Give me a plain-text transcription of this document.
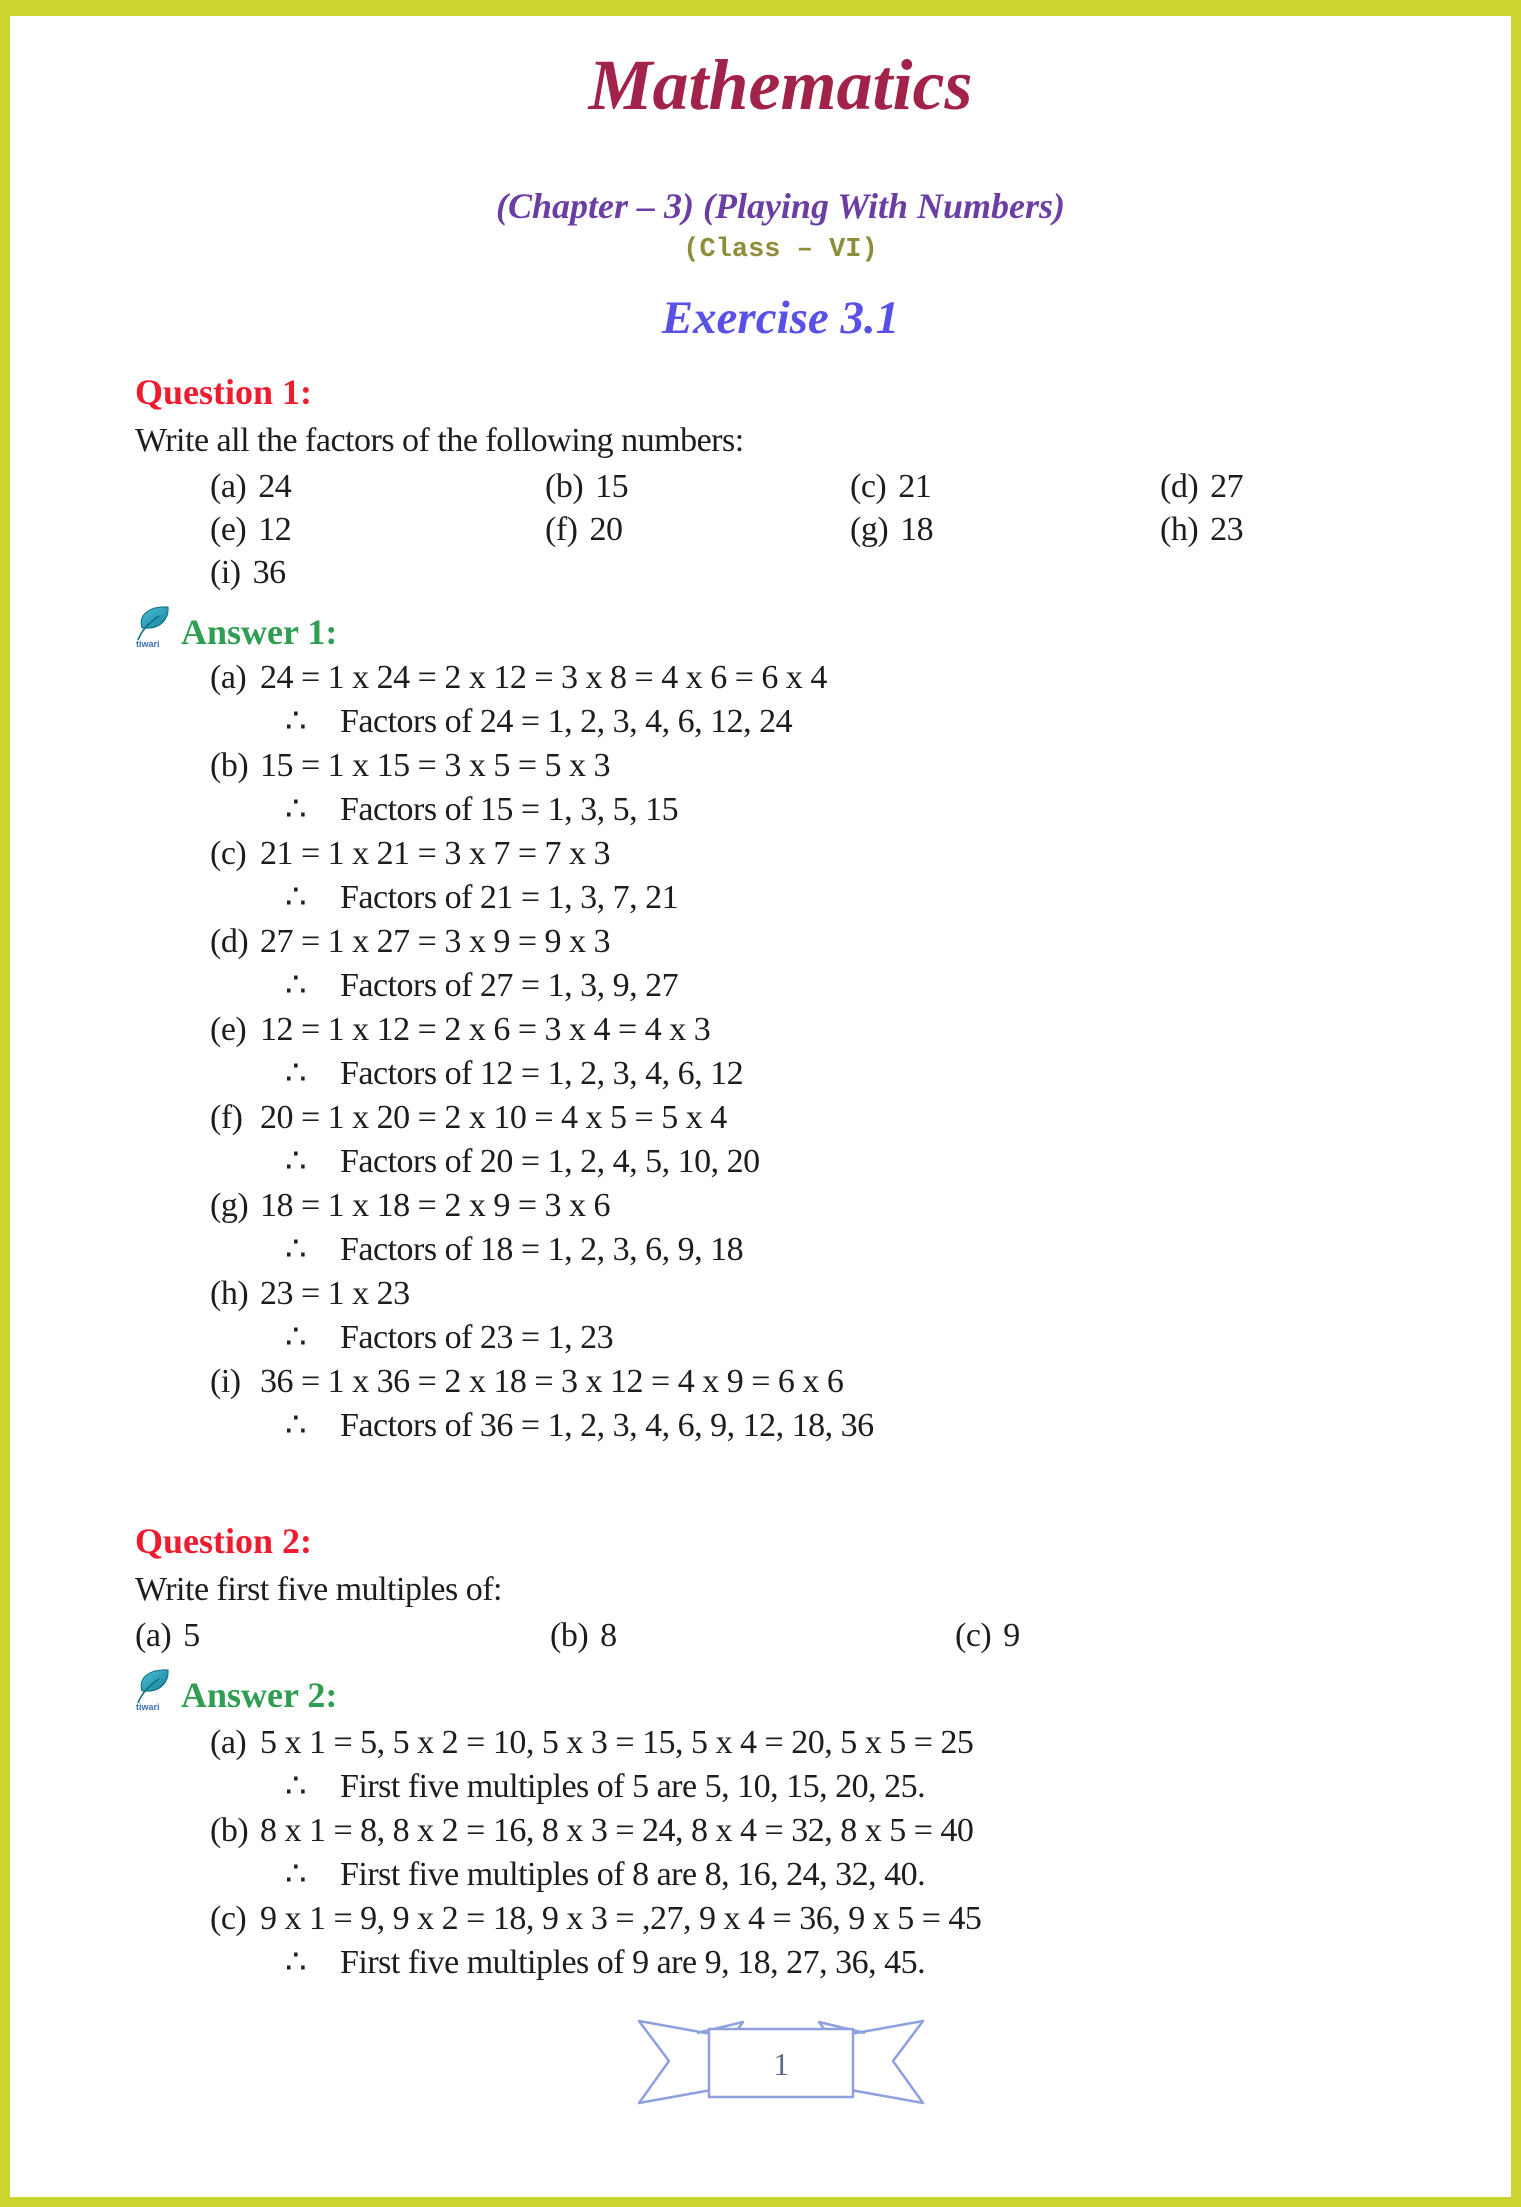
Mathematics
(Chapter – 3) (Playing With Numbers)
(Class – VI)
Exercise 3.1
Question 1:
Write all the factors of the following numbers:
(a) 24	(b) 15	(c) 21	(d) 27
(e) 12	(f) 20	(g) 18	(h) 23
(i) 36
tiwari Answer 1:
(a) 24 = 1 x 24 = 2 x 12 = 3 x 8 = 4 x 6 = 6 x 4
∴ Factors of 24 = 1, 2, 3, 4, 6, 12, 24
(b) 15 = 1 x 15 = 3 x 5 = 5 x 3
∴ Factors of 15 = 1, 3, 5, 15
(c) 21 = 1 x 21 = 3 x 7 = 7 x 3
∴ Factors of 21 = 1, 3, 7, 21
(d) 27 = 1 x 27 = 3 x 9 = 9 x 3
∴ Factors of 27 = 1, 3, 9, 27
(e) 12 = 1 x 12 = 2 x 6 = 3 x 4 = 4 x 3
∴ Factors of 12 = 1, 2, 3, 4, 6, 12
(f) 20 = 1 x 20 = 2 x 10 = 4 x 5 = 5 x 4
∴ Factors of 20 = 1, 2, 4, 5, 10, 20
(g) 18 = 1 x 18 = 2 x 9 = 3 x 6
∴ Factors of 18 = 1, 2, 3, 6, 9, 18
(h) 23 = 1 x 23
∴ Factors of 23 = 1, 23
(i) 36 = 1 x 36 = 2 x 18 = 3 x 12 = 4 x 9 = 6 x 6
∴ Factors of 36 = 1, 2, 3, 4, 6, 9, 12, 18, 36
Question 2:
Write first five multiples of:
(a) 5	(b) 8	(c) 9
tiwari Answer 2:
(a) 5 x 1 = 5, 5 x 2 = 10, 5 x 3 = 15, 5 x 4 = 20, 5 x 5 = 25
∴ First five multiples of 5 are 5, 10, 15, 20, 25.
(b) 8 x 1 = 8, 8 x 2 = 16, 8 x 3 = 24, 8 x 4 = 32, 8 x 5 = 40
∴ First five multiples of 8 are 8, 16, 24, 32, 40.
(c) 9 x 1 = 9, 9 x 2 = 18, 9 x 3 = ,27, 9 x 4 = 36, 9 x 5 = 45
∴ First five multiples of 9 are 9, 18, 27, 36, 45.
1
